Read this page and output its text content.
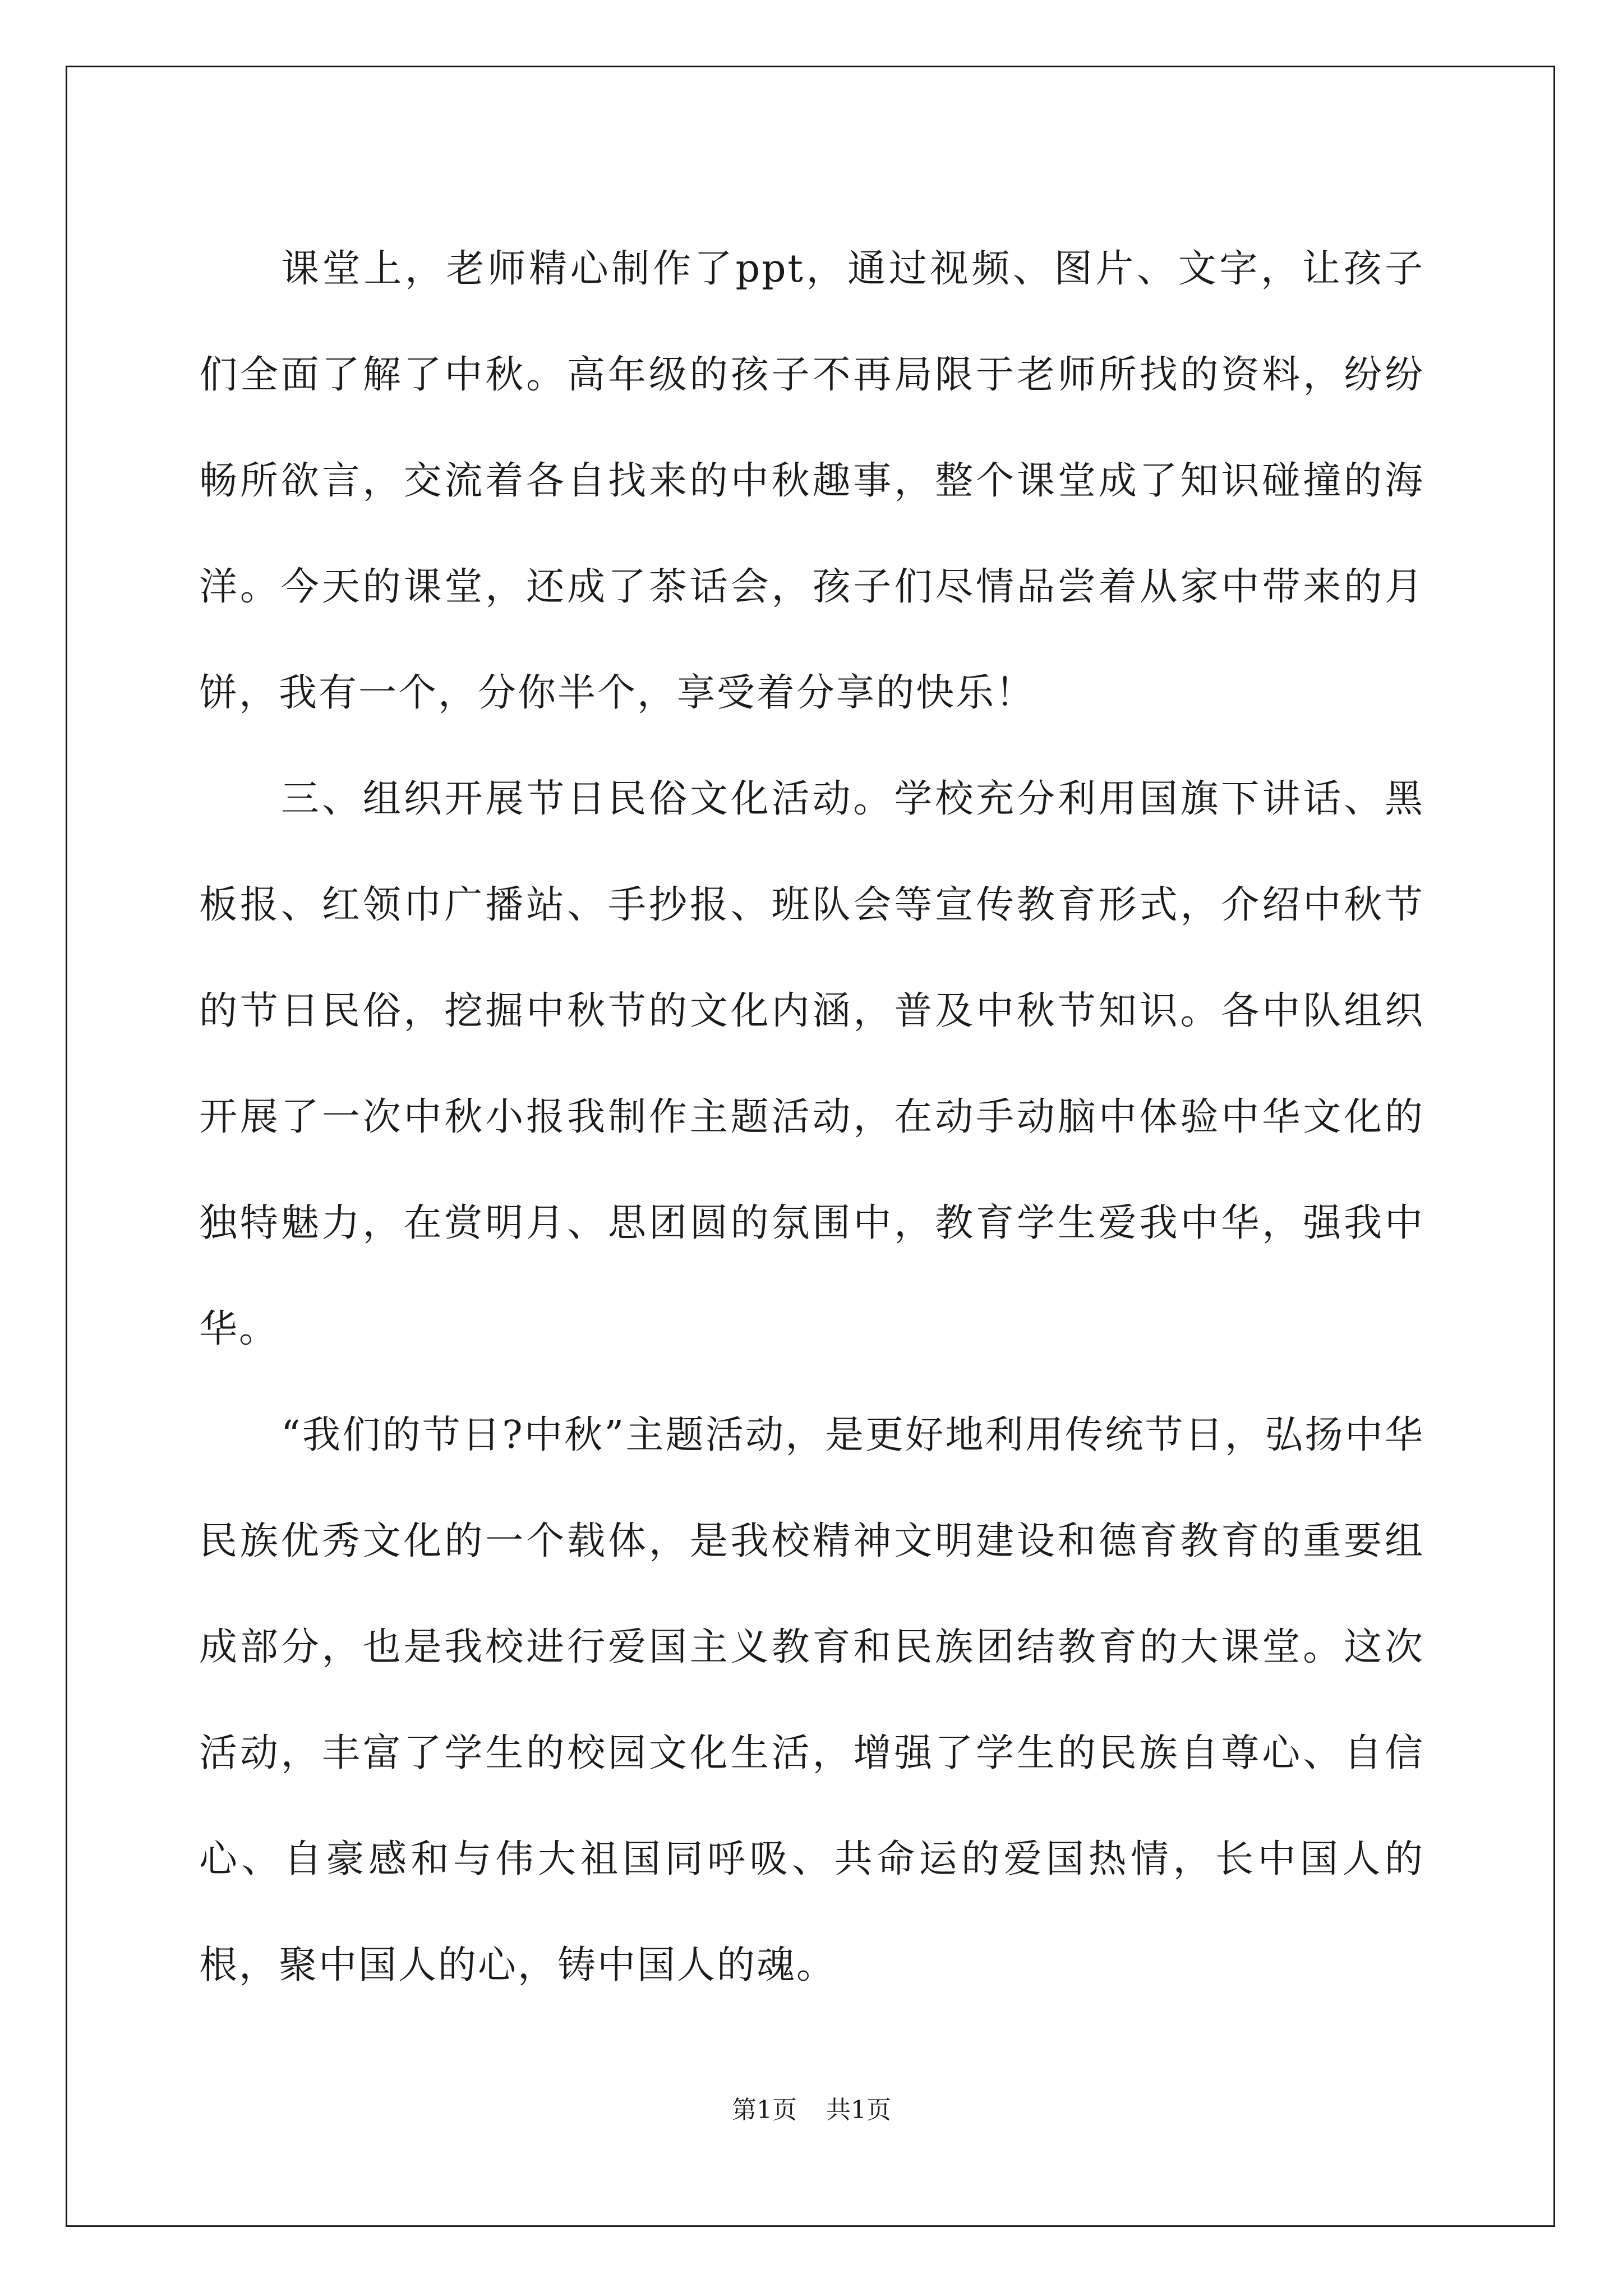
课堂上，老师精心制作了ppt，通过视频、图片、文字，让孩子们全面了解了中秋。高年级的孩子不再局限于老师所找的资料，纷纷畅所欲言，交流着各自找来的中秋趣事，整个课堂成了知识碰撞的海洋。今天的课堂，还成了茶话会，孩子们尽情品尝着从家中带来的月饼，我有一个，分你半个，享受着分享的快乐！

三、组织开展节日民俗文化活动。学校充分利用国旗下讲话、黑板报、红领巾广播站、手抄报、班队会等宣传教育形式，介绍中秋节的节日民俗，挖掘中秋节的文化内涵，普及中秋节知识。各中队组织开展了一次中秋小报我制作主题活动，在动手动脑中体验中华文化的独特魅力，在赏明月、思团圆的氛围中，教育学生爱我中华，强我中华。

“我们的节日?中秋”主题活动，是更好地利用传统节日，弘扬中华民族优秀文化的一个载体，是我校精神文明建设和德育教育的重要组成部分，也是我校进行爱国主义教育和民族团结教育的大课堂。这次活动，丰富了学生的校园文化生活，增强了学生的民族自尊心、自信心、自豪感和与伟大祖国同呼吸、共命运的爱国热情，长中国人的根，聚中国人的心，铸中国人的魂。

第1页 共1页
